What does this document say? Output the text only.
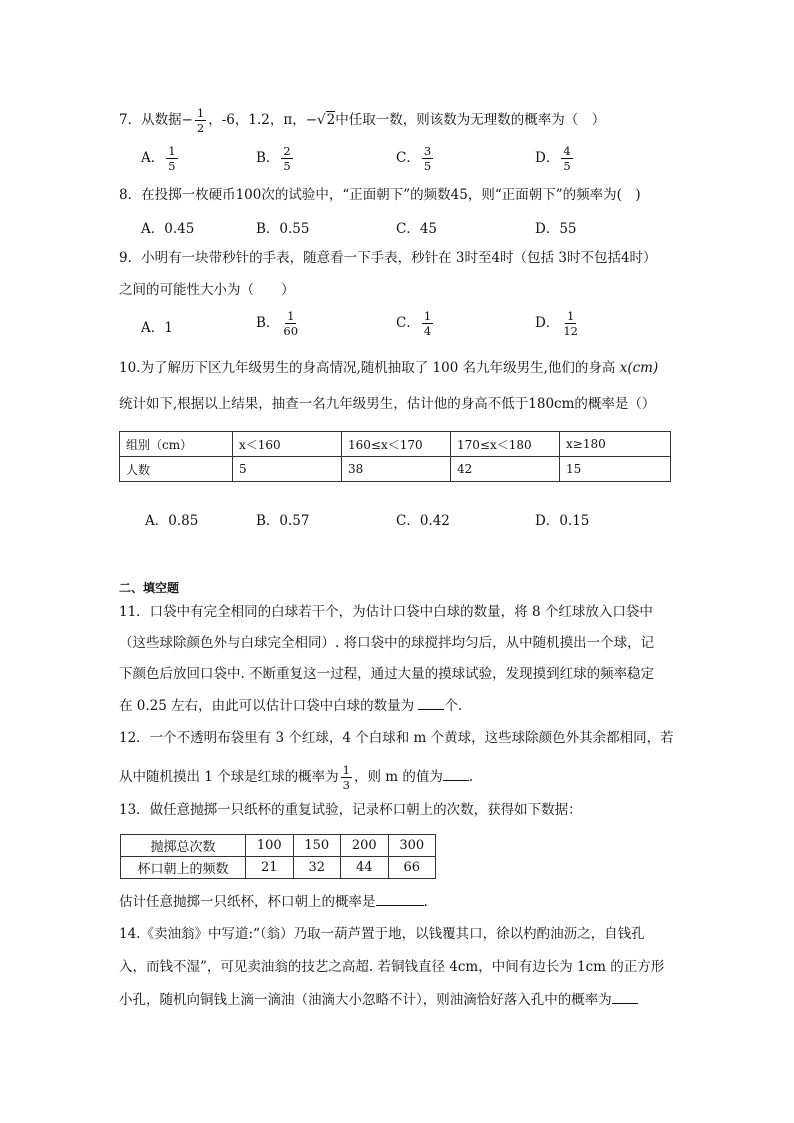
7．从数据− $\frac{1}{2}$ ，-6，1.2，π，−√2中任取一数，则该数为无理数的概率为（　）
A． $\frac{1}{5}$	B． $\frac{2}{5}$	C． $\frac{3}{5}$	D． $\frac{4}{5}$
8．在投掷一枚硬币100次的试验中，“正面朝下”的频数45，则“正面朝下”的频率为(　)
A．0.45	B．0.55	C．45	D．55
9．小明有一块带秒针的手表，随意看一下手表，秒针在 3时至4时（包括 3时不包括4时）
之间的可能性大小为（　　）
A．1	B． $\frac{1}{60}$	C． $\frac{1}{4}$	D． $\frac{1}{12}$
10.为了解历下区九年级男生的身高情况,随机抽取了 100 名九年级男生,他们的身高 x(cm)
统计如下,根据以上结果，抽查一名九年级男生，估计他的身高不低于180cm的概率是（）
组别（cm）	x＜160	160≤x＜170	170≤x＜180	x≥180
人数	5	38	42	15
A．0.85	B．0.57	C．0.42	D．0.15
二、填空题
11．口袋中有完全相同的白球若干个，为估计口袋中白球的数量，将 8 个红球放入口袋中
（这些球除颜色外与白球完全相同）. 将口袋中的球搅拌均匀后，从中随机摸出一个球，记
下颜色后放回口袋中. 不断重复这一过程，通过大量的摸球试验，发现摸到红球的频率稳定
在 0.25 左右，由此可以估计口袋中白球的数量为 个.
12．一个不透明布袋里有 3 个红球，4 个白球和 m 个黄球，这些球除颜色外其余都相同，若
从中随机摸出 1 个球是红球的概率为 $\frac{1}{3}$ ，则 m 的值为 .
13．做任意抛掷一只纸杯的重复试验，记录杯口朝上的次数，获得如下数据：
抛掷总次数	100	150	200	300
杯口朝上的频数	21	32	44	66
估计任意抛掷一只纸杯，杯口朝上的概率是	.
14.《卖油翁》中写道:“（翁）乃取一葫芦置于地，以钱覆其口，徐以杓酌油沥之，自钱孔
入，而钱不湿”，可见卖油翁的技艺之高超. 若铜钱直径 4cm，中间有边长为 1cm 的正方形
小孔，随机向铜钱上滴一滴油（油滴大小忽略不计），则油滴恰好落入孔中的概率为
